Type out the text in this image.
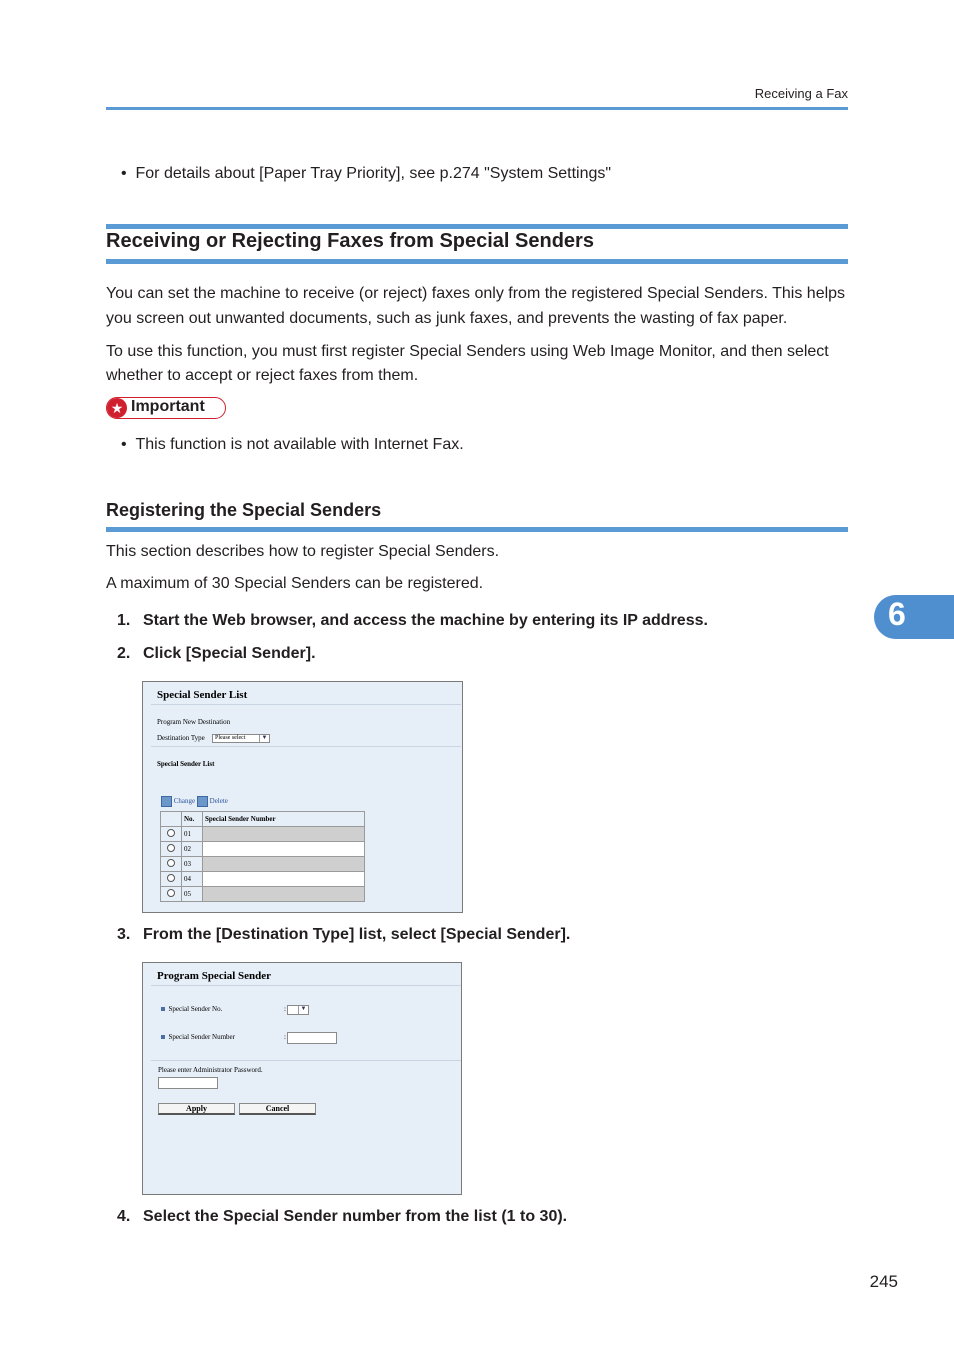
Receiving a Fax
•  For details about [Paper Tray Priority], see p.274 "System Settings"
Receiving or Rejecting Faxes from Special Senders
You can set the machine to receive (or reject) faxes only from the registered Special Senders. This helps
you screen out unwanted documents, such as junk faxes, and prevents the wasting of fax paper.
To use this function, you must first register Special Senders using Web Image Monitor, and then select
whether to accept or reject faxes from them.
★ Important
•  This function is not available with Internet Fax.
Registering the Special Senders
This section describes how to register Special Senders.
A maximum of 30 Special Senders can be registered.
1. Start the Web browser, and access the machine by entering its IP address.
2. Click [Special Sender].
Special Sender List
Program New Destination
Destination Type	Please select	▼
Special Sender List
Change Delete
	No.	Special Sender Number
	01	
	02	
	03	
	04	
	05	
3. From the [Destination Type] list, select [Special Sender].
Program Special Sender
Special Sender No.	:	▼
Special Sender Number	:
Please enter Administrator Password.
Apply	Cancel
4. Select the Special Sender number from the list (1 to 30).
6
245
